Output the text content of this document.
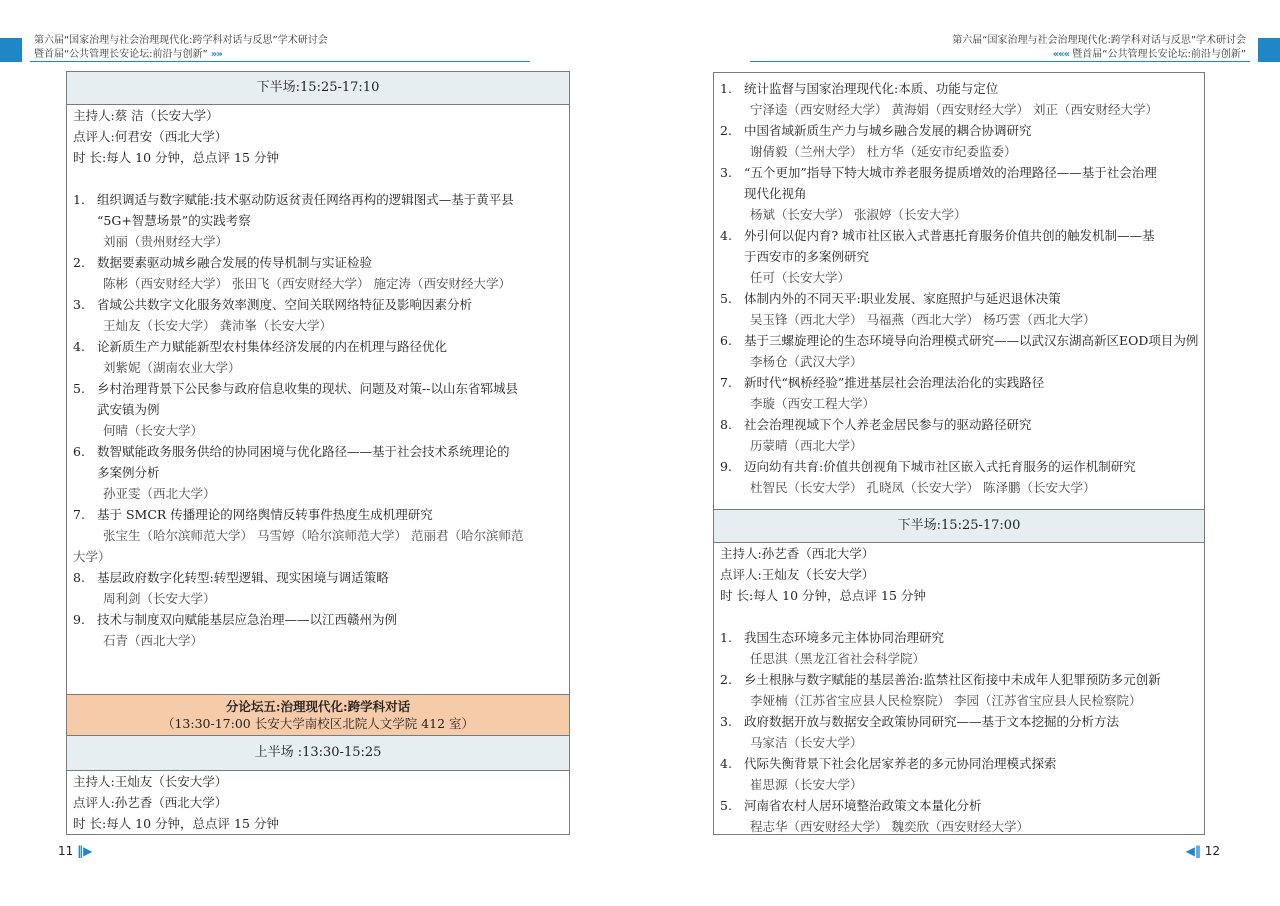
第六届“国家治理与社会治理现代化:跨学科对话与反思”学术研讨会
暨首届“公共管理长安论坛:前沿与创新” »»
第六届“国家治理与社会治理现代化:跨学科对话与反思”学术研讨会
««« 暨首届“公共管理长安论坛:前沿与创新”
下半场:15:25-17:10
主持人:蔡 洁（长安大学）
点评人:何君安（西北大学）
时 长:每人 10 分钟，总点评 15 分钟
1. 组织调适与数字赋能:技术驱动防返贫责任网络再构的逻辑图式—基于黄平县
“5G+智慧场景”的实践考察
刘丽（贵州财经大学）
2. 数据要素驱动城乡融合发展的传导机制与实证检验
陈彬（西安财经大学） 张田飞（西安财经大学） 施定涛（西安财经大学）
3. 省域公共数字文化服务效率测度、空间关联网络特征及影响因素分析
王灿友（长安大学） 龚沛峯（长安大学）
4. 论新质生产力赋能新型农村集体经济发展的内在机理与路径优化
刘紫妮（湖南农业大学）
5. 乡村治理背景下公民参与政府信息收集的现状、问题及对策--以山东省郓城县
武安镇为例
何晴（长安大学）
6. 数智赋能政务服务供给的协同困境与优化路径——基于社会技术系统理论的
多案例分析
孙亚雯（西北大学）
7. 基于 SMCR 传播理论的网络舆情反转事件热度生成机理研究
张宝生（哈尔滨师范大学） 马雪婷（哈尔滨师范大学） 范丽君（哈尔滨师范
大学）
8. 基层政府数字化转型:转型逻辑、现实困境与调适策略
周利剑（长安大学）
9. 技术与制度双向赋能基层应急治理——以江西赣州为例
石青（西北大学）
分论坛五:治理现代化:跨学科对话
（13:30-17:00 长安大学南校区北院人文学院 412 室）
上半场 :13:30-15:25
主持人:王灿友（长安大学）
点评人:孙艺香（西北大学）
时 长:每人 10 分钟，总点评 15 分钟
1. 统计监督与国家治理现代化:本质、功能与定位
宁泽逵（西安财经大学） 黄海娟（西安财经大学） 刘正（西安财经大学）
2. 中国省域新质生产力与城乡融合发展的耦合协调研究
谢倩毅（兰州大学） 杜方华（延安市纪委监委）
3. “五个更加”指导下特大城市养老服务提质增效的治理路径——基于社会治理
现代化视角
杨斌（长安大学） 张淑婷（长安大学）
4. 外引何以促内育? 城市社区嵌入式普惠托育服务价值共创的触发机制——基
于西安市的多案例研究
任可（长安大学）
5. 体制内外的不同天平:职业发展、家庭照护与延迟退休决策
吴玉锋（西北大学） 马福燕（西北大学） 杨巧雲（西北大学）
6. 基于三螺旋理论的生态环境导向治理模式研究——以武汉东湖高新区EOD项目为例
李杨仓（武汉大学）
7. 新时代“枫桥经验”推进基层社会治理法治化的实践路径
李璇（西安工程大学）
8. 社会治理视域下个人养老金居民参与的驱动路径研究
历蒙晴（西北大学）
9. 迈向幼有共育:价值共创视角下城市社区嵌入式托育服务的运作机制研究
杜智民（长安大学） 孔晓凤（长安大学） 陈泽鹏（长安大学）
下半场:15:25-17:00
主持人:孙艺香（西北大学）
点评人:王灿友（长安大学）
时 长:每人 10 分钟，总点评 15 分钟
1. 我国生态环境多元主体协同治理研究
任思淇（黑龙江省社会科学院）
2. 乡土根脉与数字赋能的基层善治:监禁社区衔接中未成年人犯罪预防多元创新
李娅楠（江苏省宝应县人民检察院） 李园（江苏省宝应县人民检察院）
3. 政府数据开放与数据安全政策协同研究——基于文本挖掘的分析方法
马家洁（长安大学）
4. 代际失衡背景下社会化居家养老的多元协同治理模式探索
崔思源（长安大学）
5. 河南省农村人居环境整治政策文本量化分析
程志华（西安财经大学） 魏奕欣（西安财经大学）
11 ‖▶	◀‖ 12
